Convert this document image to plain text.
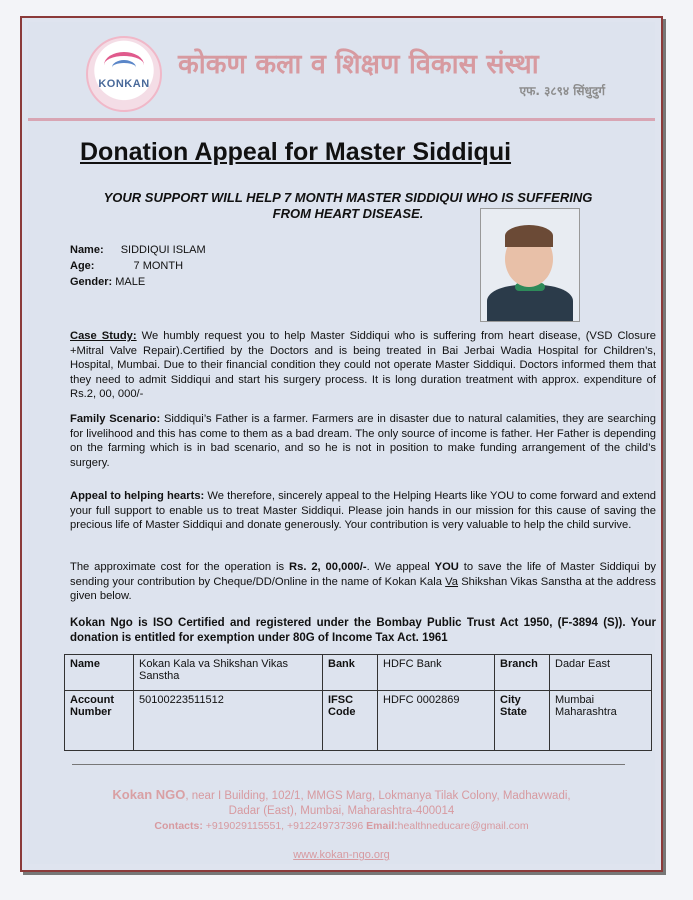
KONKAN
कोकण कला व शिक्षण विकास संस्था
एफ. ३८९४ सिंधुदुर्ग
Donation Appeal for Master Siddiqui
YOUR SUPPORT WILL HELP 7 MONTH MASTER SIDDIQUI WHO IS SUFFERING FROM HEART DISEASE.
Name: SIDDIQUI ISLAM
Age:	7 MONTH
Gender: MALE
Case Study: We humbly request you to help Master Siddiqui who is suffering from heart disease, (VSD Closure +Mitral Valve Repair).Certified by the Doctors and is being treated in Bai Jerbai Wadia Hospital for Children’s, Hospital, Mumbai. Due to their financial condition they could not operate Master Siddiqui. Doctors informed them that they need to admit Siddiqui and start his surgery process. It is long duration treatment with approx. expenditure of Rs.2, 00, 000/-
Family Scenario: Siddiqui’s Father is a farmer. Farmers are in disaster due to natural calamities, they are searching for livelihood and this has come to them as a bad dream. The only source of income is father. Her Father is depending on the farming which is in bad scenario, and so he is not in position to make funding arrangement of the child’s surgery.
Appeal to helping hearts: We therefore, sincerely appeal to the Helping Hearts like YOU to come forward and extend your full support to enable us to treat Master Siddiqui. Please join hands in our mission for this cause of saving the precious life of Master Siddiqui and donate generously. Your contribution is very valuable to help the child survive.
The approximate cost for the operation is Rs. 2, 00,000/-. We appeal YOU to save the life of Master Siddiqui by sending your contribution by Cheque/DD/Online in the name of Kokan Kala Va Shikshan Vikas Sanstha at the address given below.
Kokan Ngo is ISO Certified and registered under the Bombay Public Trust Act 1950, (F-3894 (S)). Your donation is entitled for exemption under 80G of Income Tax Act. 1961
Name	Kokan Kala va Shikshan Vikas Sanstha	Bank	HDFC Bank	Branch	Dadar East
Account Number	50100223511512	IFSC Code	HDFC 0002869	City State	Mumbai Maharashtra
Kokan NGO, near I Building, 102/1, MMGS Marg, Lokmanya Tilak Colony, Madhavwadi,
Dadar (East), Mumbai, Maharashtra-400014
Contacts: +919029115551, +912249737396 Email:healthneducare@gmail.com
www.kokan-ngo.org
